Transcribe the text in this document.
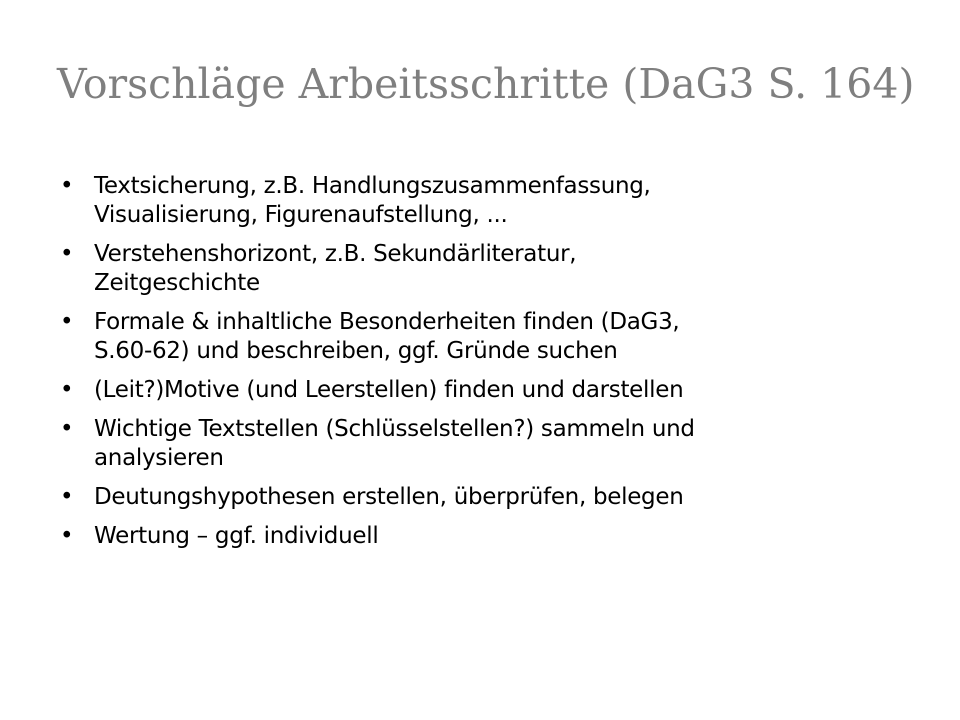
Vorschläge Arbeitsschritte (DaG3 S. 164)
• Textsicherung, z.B. Handlungszusammenfassung,
Visualisierung, Figurenaufstellung, ...
• Verstehenshorizont, z.B. Sekundärliteratur,
Zeitgeschichte
• Formale & inhaltliche Besonderheiten finden (DaG3,
S.60-62) und beschreiben, ggf. Gründe suchen
• (Leit?)Motive (und Leerstellen) finden und darstellen
• Wichtige Textstellen (Schlüsselstellen?) sammeln und
analysieren
• Deutungshypothesen erstellen, überprüfen, belegen
• Wertung – ggf. individuell
